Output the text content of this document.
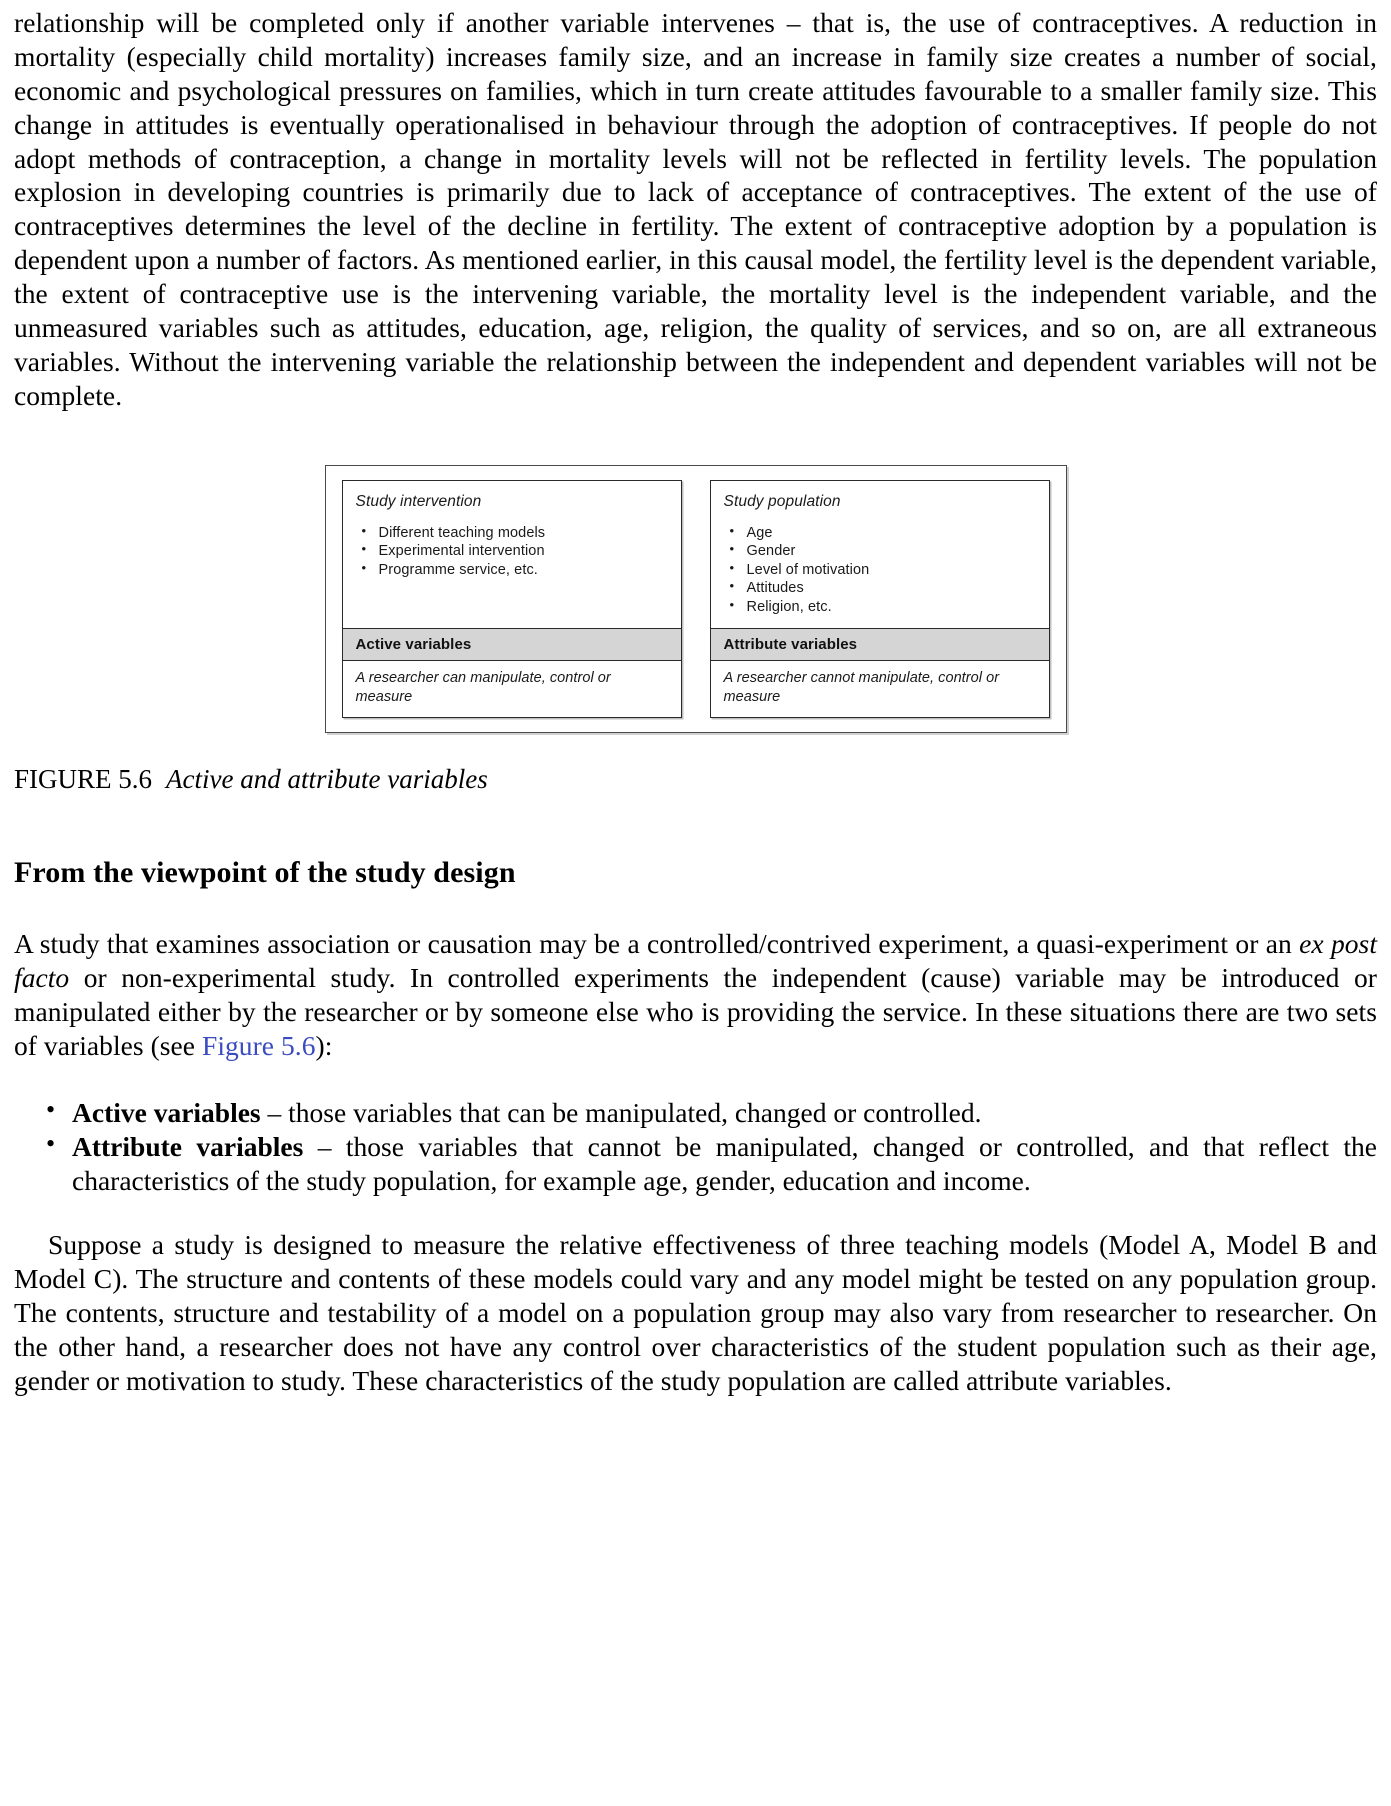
relationship will be completed only if another variable intervenes – that is, the use of contraceptives. A reduction in mortality (especially child mortality) increases family size, and an increase in family size creates a number of social, economic and psychological pressures on families, which in turn create attitudes favourable to a smaller family size. This change in attitudes is eventually operationalised in behaviour through the adoption of contraceptives. If people do not adopt methods of contraception, a change in mortality levels will not be reflected in fertility levels. The population explosion in developing countries is primarily due to lack of acceptance of contraceptives. The extent of the use of contraceptives determines the level of the decline in fertility. The extent of contraceptive adoption by a population is dependent upon a number of factors. As mentioned earlier, in this causal model, the fertility level is the dependent variable, the extent of contraceptive use is the intervening variable, the mortality level is the independent variable, and the unmeasured variables such as attitudes, education, age, religion, the quality of services, and so on, are all extraneous variables. Without the intervening variable the relationship between the independent and dependent variables will not be complete.

Study intervention
• Different teaching models
• Experimental intervention
• Programme service, etc.
Active variables
A researcher can manipulate, control or measure
Study population
• Age
• Gender
• Level of motivation
• Attitudes
• Religion, etc.
Attribute variables
A researcher cannot manipulate, control or measure
FIGURE 5.6 Active and attribute variables
From the viewpoint of the study design

A study that examines association or causation may be a controlled/contrived experiment, a quasi-experiment or an ex post facto or non-experimental study. In controlled experiments the independent (cause) variable may be introduced or manipulated either by the researcher or by someone else who is providing the service. In these situations there are two sets of variables (see Figure 5.6):

• Active variables – those variables that can be manipulated, changed or controlled.
• Attribute variables – those variables that cannot be manipulated, changed or controlled, and that reflect the characteristics of the study population, for example age, gender, education and income.

Suppose a study is designed to measure the relative effectiveness of three teaching models (Model A, Model B and Model C). The structure and contents of these models could vary and any model might be tested on any population group. The contents, structure and testability of a model on a population group may also vary from researcher to researcher. On the other hand, a researcher does not have any control over characteristics of the student population such as their age, gender or motivation to study. These characteristics of the study population are called attribute variables.
